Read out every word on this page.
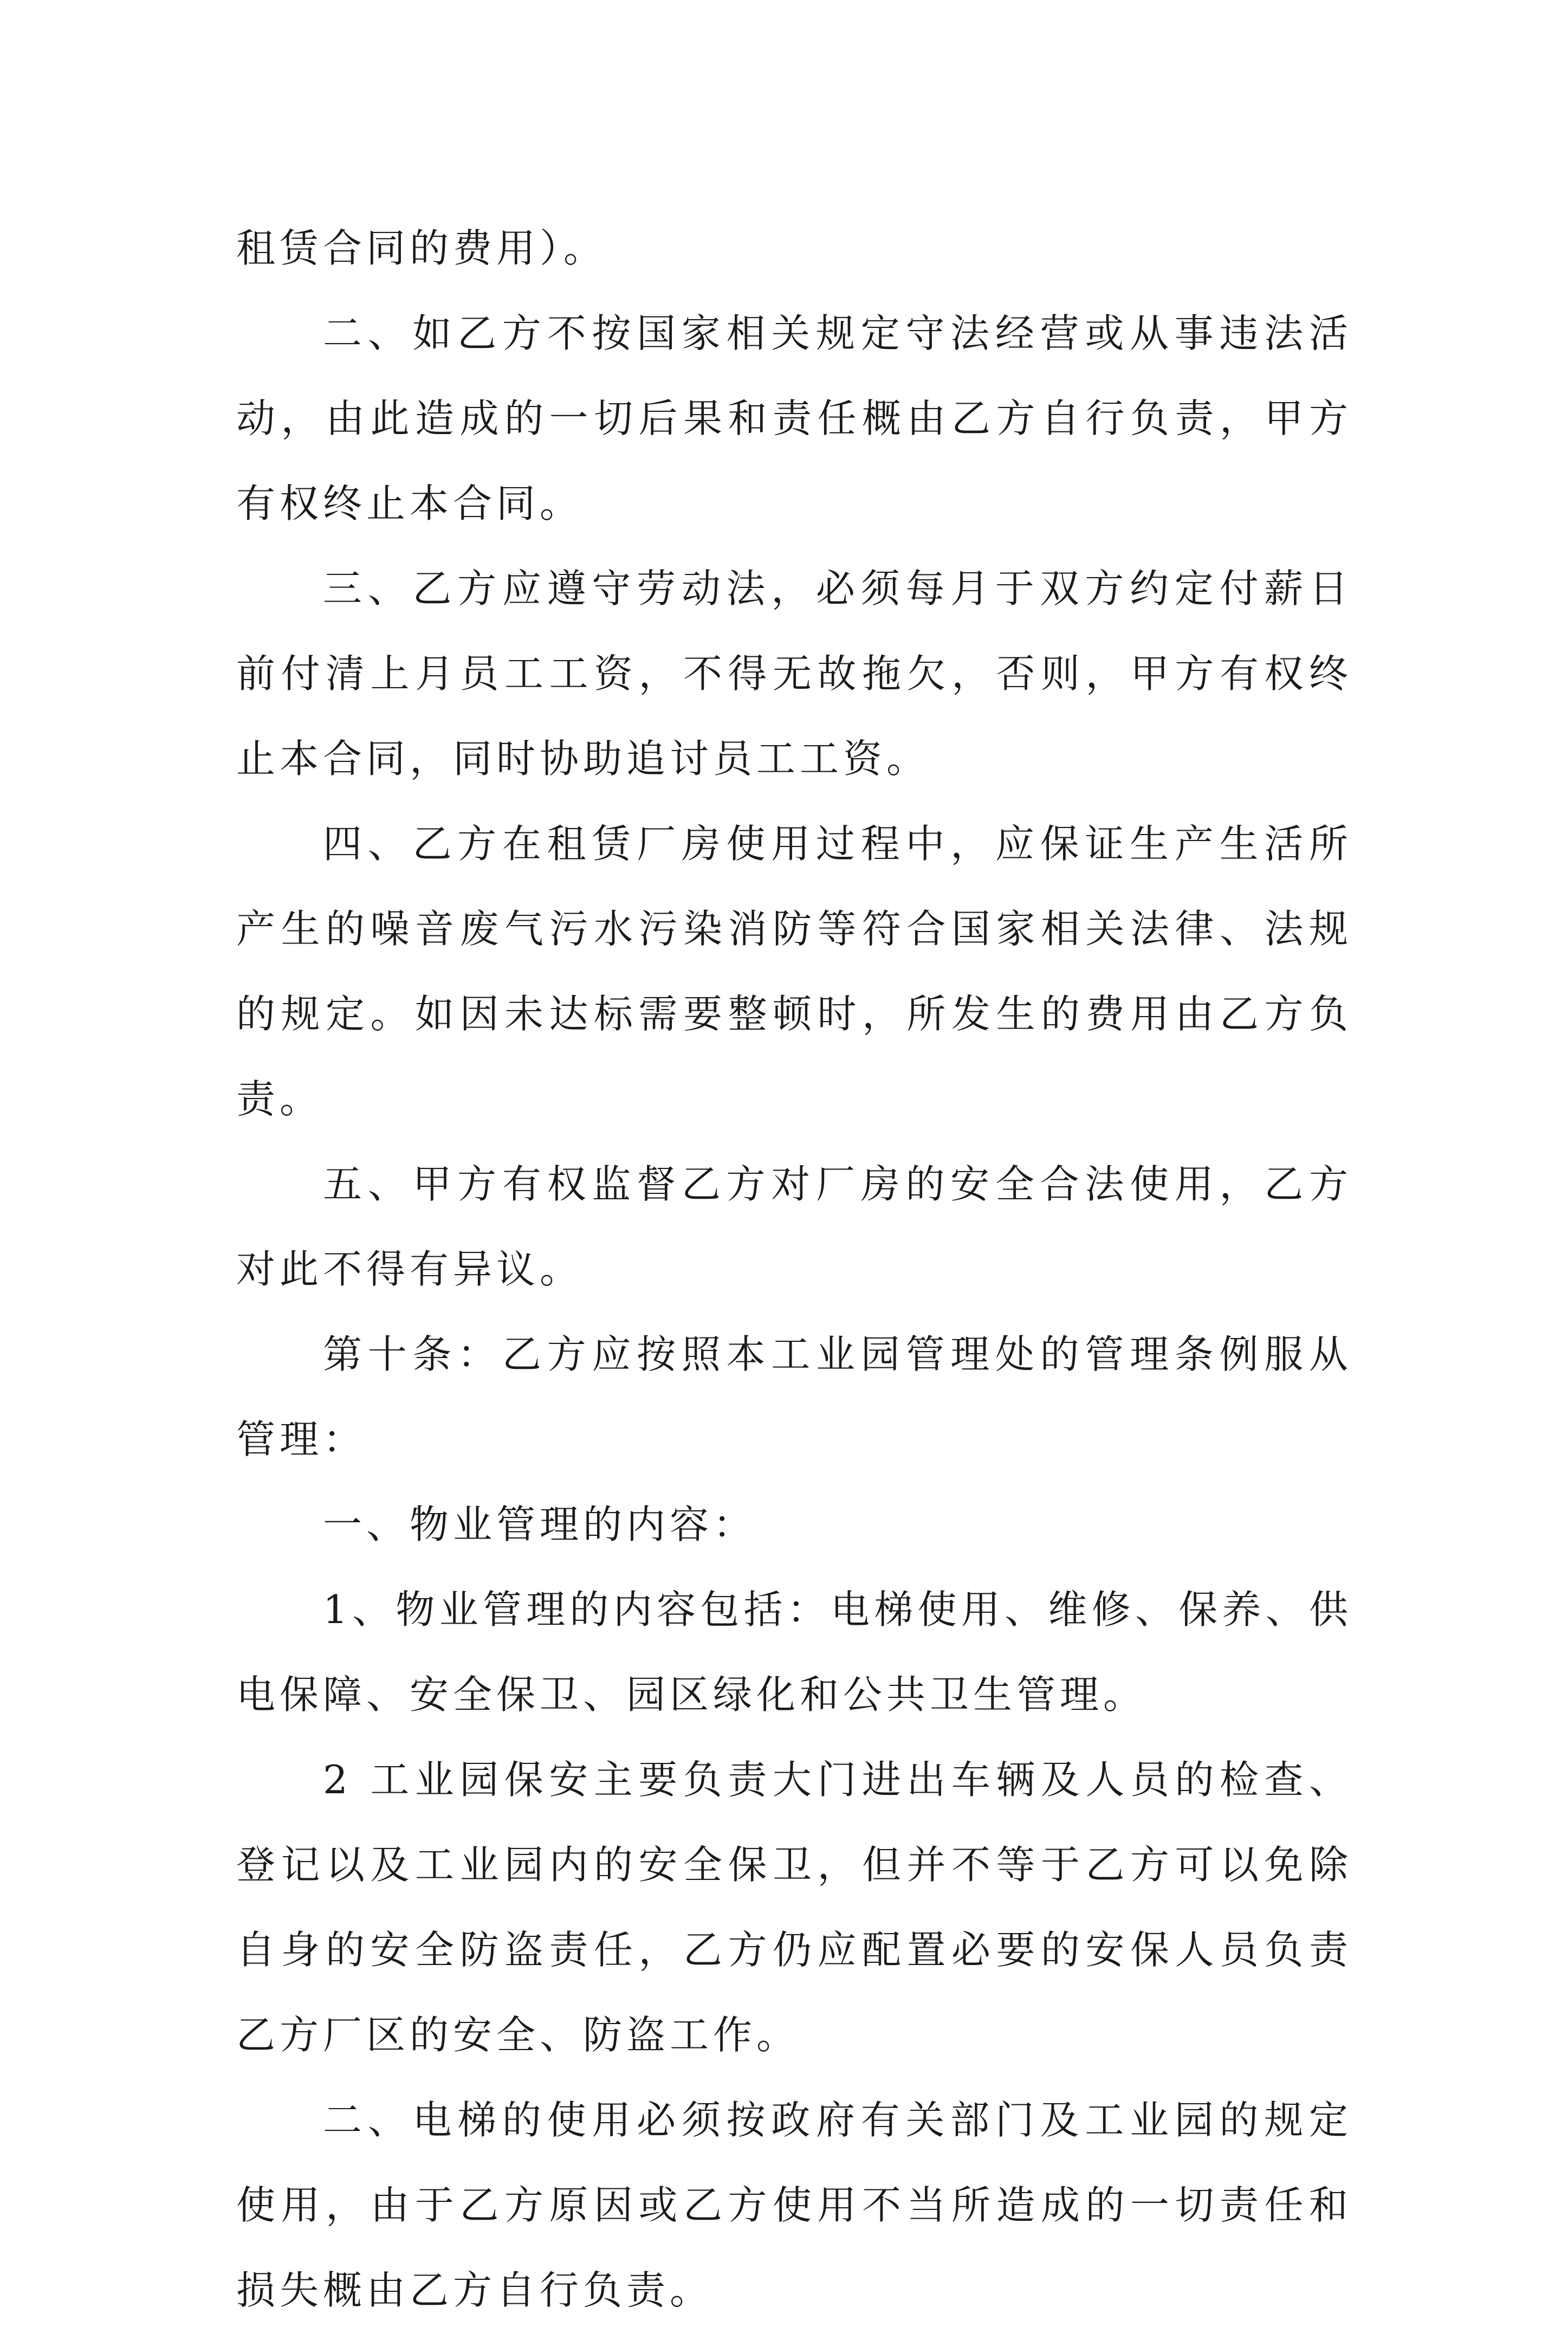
租赁合同的费用）。

二、如乙方不按国家相关规定守法经营或从事违法活动，由此造成的一切后果和责任概由乙方自行负责，甲方有权终止本合同。

三、乙方应遵守劳动法，必须每月于双方约定付薪日前付清上月员工工资，不得无故拖欠，否则，甲方有权终止本合同，同时协助追讨员工工资。

四、乙方在租赁厂房使用过程中，应保证生产生活所产生的噪音废气污水污染消防等符合国家相关法律、法规的规定。如因未达标需要整顿时，所发生的费用由乙方负责。

五、甲方有权监督乙方对厂房的安全合法使用，乙方对此不得有异议。

第十条：乙方应按照本工业园管理处的管理条例服从管理：

一、物业管理的内容：

1、物业管理的内容包括：电梯使用、维修、保养、供电保障、安全保卫、园区绿化和公共卫生管理。

2 工业园保安主要负责大门进出车辆及人员的检查、登记以及工业园内的安全保卫，但并不等于乙方可以免除自身的安全防盗责任，乙方仍应配置必要的安保人员负责乙方厂区的安全、防盗工作。

二、电梯的使用必须按政府有关部门及工业园的规定使用，由于乙方原因或乙方使用不当所造成的一切责任和损失概由乙方自行负责。
